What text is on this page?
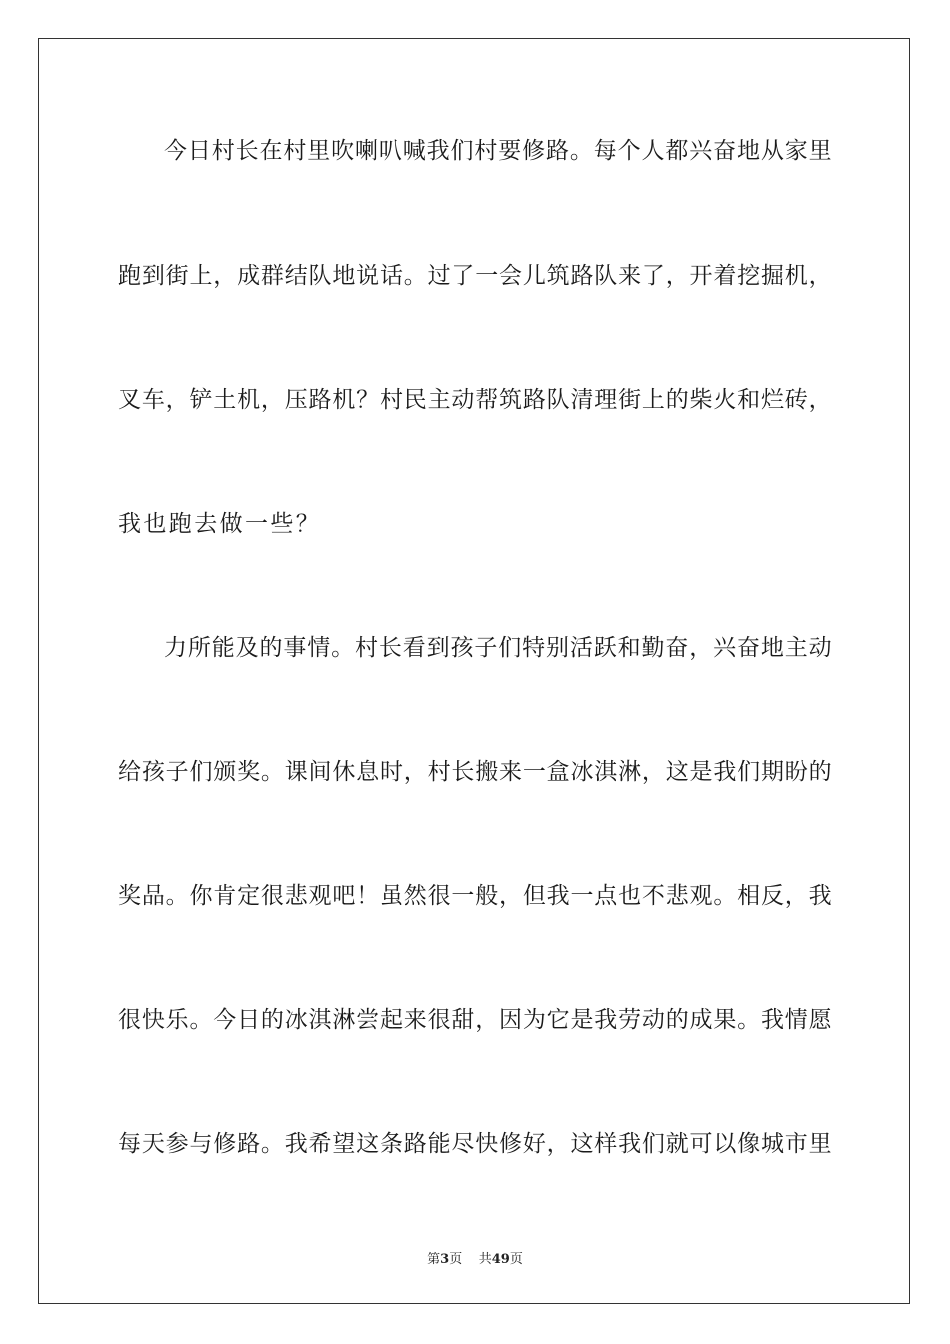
今 日 村 长 在 村 里 吹 喇 叭 喊 我 们 村 要 修 路 。 每 个 人 都 兴 奋 地 从 家 里
跑 到 街 上 ， 成 群 结 队 地 说 话 。 过 了 一 会 儿 筑 路 队 来 了 ， 开 着 挖 掘 机 ，
叉 车 ， 铲 土 机 ， 压 路 机 ？ 村 民 主 动 帮 筑 路 队 清 理 街 上 的 柴 火 和 烂 砖 ，
我也跑去做一些？
力 所 能 及 的 事 情 。 村 长 看 到 孩 子 们 特 别 活 跃 和 勤 奋 ， 兴 奋 地 主 动
给 孩 子 们 颁 奖 。 课 间 休 息 时 ， 村 长 搬 来 一 盒 冰 淇 淋 ， 这 是 我 们 期 盼 的
奖 品 。 你 肯 定 很 悲 观 吧 ！ 虽 然 很 一 般 ， 但 我 一 点 也 不 悲 观 。 相 反 ， 我
很 快 乐 。 今 日 的 冰 淇 淋 尝 起 来 很 甜 ， 因 为 它 是 我 劳 动 的 成 果 。 我 情 愿
每 天 参 与 修 路 。 我 希 望 这 条 路 能 尽 快 修 好 ， 这 样 我 们 就 可 以 像 城 市 里
第3页 共49页
